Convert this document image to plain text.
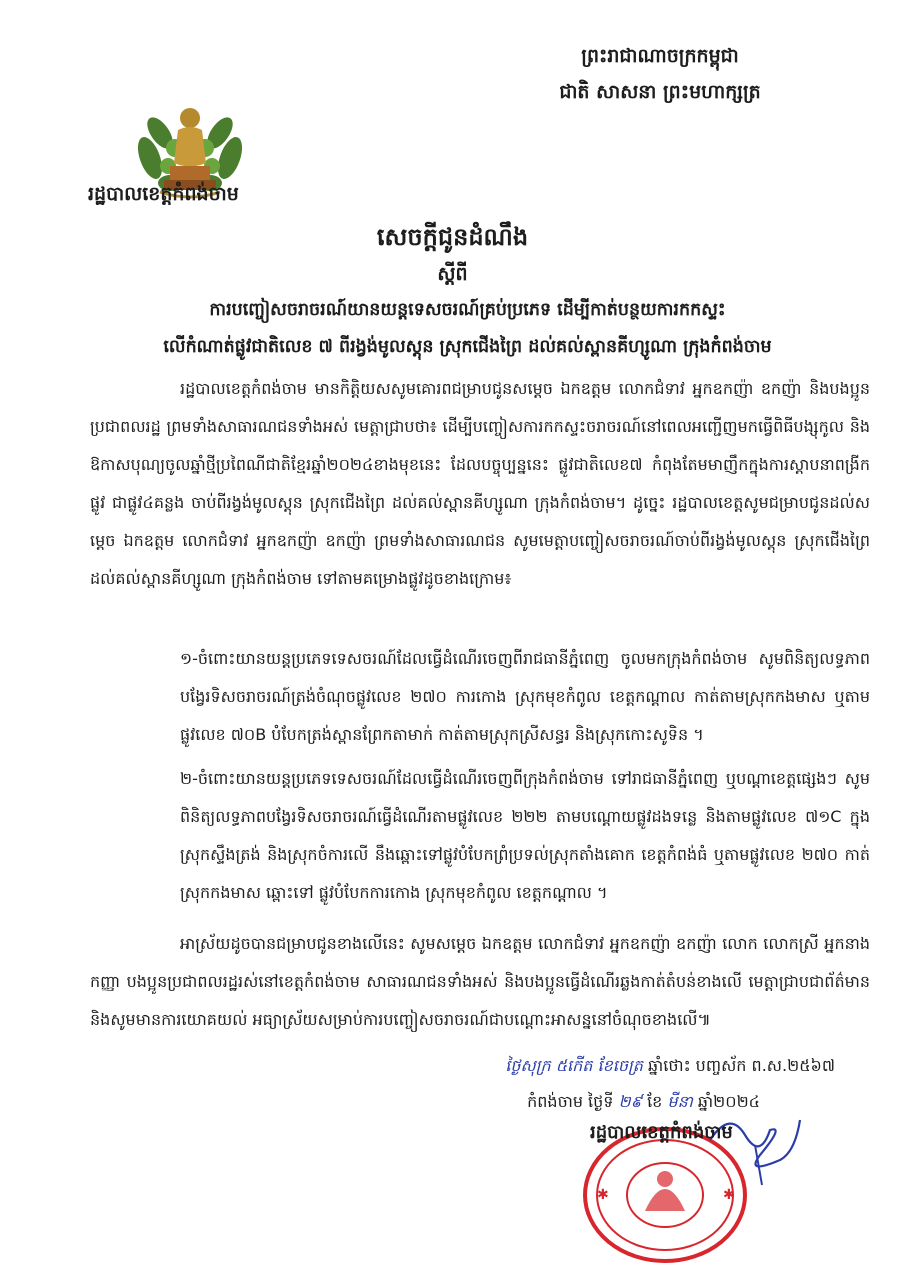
ព្រះរាជាណាចក្រកម្ពុជា
ជាតិ សាសនា ព្រះមហាក្សត្រ
រដ្ឋបាលខេត្តកំពង់ចាម
សេចក្តីជូនដំណឹង
ស្តីពី
ការបញ្ចៀសចរាចរណ៍យានយន្តទេសចរណ៍គ្រប់ប្រភេទ ដើម្បីកាត់បន្ថយការកកស្ទះ
លើកំណាត់ផ្លូវជាតិលេខ ៧ ពីរង្វង់មូលស្តុន ស្រុកជើងព្រៃ ដល់គល់ស្ពានគីហ្សូណា ក្រុងកំពង់ចាម
រដ្ឋបាលខេត្តកំពង់ចាម មានកិត្តិយសសូមគោរពជម្រាបជូនសម្តេច ឯកឧត្តម លោកជំទាវ អ្នកឧកញ៉ា ឧកញ៉ា និងបងប្អូនប្រជាពលរដ្ឋ ព្រមទាំងសាធារណជនទាំងអស់ មេត្តាជ្រាបថា៖ ដើម្បីបញ្ចៀសការកកស្ទះចរាចរណ៍នៅពេលអញ្ជើញមកធ្វើពិធីបង្សុកូល និងឱកាសបុណ្យចូលឆ្នាំថ្មីប្រពៃណីជាតិខ្មែរឆ្នាំ២០២៤ខាងមុខនេះ ដែលបច្ចុប្បន្ននេះ ផ្លូវជាតិលេខ៧ កំពុងតែមមាញឹកក្នុងការស្តាបនាពង្រីកផ្លូវ ជាផ្លូវ៤គន្លង ចាប់ពីរង្វង់មូលស្តុន ស្រុកជើងព្រៃ ដល់គល់ស្ពានគីហ្សូណា ក្រុងកំពង់ចាម។ ដូច្នេះ រដ្ឋបាលខេត្តសូមជម្រាបជូនដល់សម្តេច ឯកឧត្តម លោកជំទាវ អ្នកឧកញ៉ា ឧកញ៉ា ព្រមទាំងសាធារណជន សូមមេត្តាបញ្ចៀសចរាចរណ៍ចាប់ពីរង្វង់មូលស្តុន ស្រុកជើងព្រៃ ដល់គល់ស្ពានគីហ្សូណា ក្រុងកំពង់ចាម ទៅតាមគម្រោងផ្លូវដូចខាងក្រោម៖
១-ចំពោះយានយន្តប្រភេទទេសចរណ៍ដែលធ្វើដំណើរចេញពីរាជធានីភ្នំពេញ ចូលមកក្រុងកំពង់ចាម សូមពិនិត្យលទ្ធភាព បង្វែរទិសចរាចរណ៍ត្រង់ចំណុចផ្លូវលេខ ២៧០ ការកោង ស្រុកមុខកំពូល ខេត្តកណ្តាល កាត់តាមស្រុកកងមាស ឬតាមផ្លូវលេខ ៧០B បំបែកត្រង់ស្ពានព្រែកតាមាក់ កាត់តាមស្រុកស្រីសន្ធរ និងស្រុកកោះសូទិន ។
២-ចំពោះយានយន្តប្រភេទទេសចរណ៍ដែលធ្វើដំណើរចេញពីក្រុងកំពង់ចាម ទៅរាជធានីភ្នំពេញ ឬបណ្តាខេត្តផ្សេងៗ សូមពិនិត្យលទ្ធភាពបង្វែរទិសចរាចរណ៍ធ្វើដំណើរតាមផ្លូវលេខ ២២២ តាមបណ្តោយផ្លូវដងទន្លេ និងតាមផ្លូវលេខ ៧១C ក្នុងស្រុកស្ទឹងត្រង់ និងស្រុកចំការលើ នឹងឆ្ពោះទៅផ្លូវបំបែកព្រំប្រទល់ស្រុកតាំងគោក ខេត្តកំពង់ធំ ឬតាមផ្លូវលេខ ២៧០ កាត់ស្រុកកងមាស ឆ្ពោះទៅ ផ្លូវបំបែកការកោង ស្រុកមុខកំពូល ខេត្តកណ្តាល ។
អាស្រ័យដូចបានជម្រាបជូនខាងលើនេះ សូមសម្តេច ឯកឧត្តម លោកជំទាវ អ្នកឧកញ៉ា ឧកញ៉ា លោក លោកស្រី អ្នកនាងកញ្ញា បងប្អូនប្រជាពលរដ្ឋរស់នៅខេត្តកំពង់ចាម សាធារណជនទាំងអស់ និងបងប្អូនធ្វើដំណើរឆ្លងកាត់តំបន់ខាងលើ មេត្តាជ្រាបជាព័ត៌មាន និងសូមមានការយោគយល់ អធ្យាស្រ័យសម្រាប់ការបញ្ចៀសចរាចរណ៍ជាបណ្តោះអាសន្ននៅចំណុចខាងលើ៕
ថ្ងៃសុក្រ ៥កើត ខែចេត្រ ឆ្នាំថោះ បញ្ចស័ក ព.ស.២៥៦៧
កំពង់ចាម ថ្ងៃទី ២៩ ខែ មីនា ឆ្នាំ២០២៤
✱	✱
រដ្ឋបាលខេត្តកំពង់ចាម
